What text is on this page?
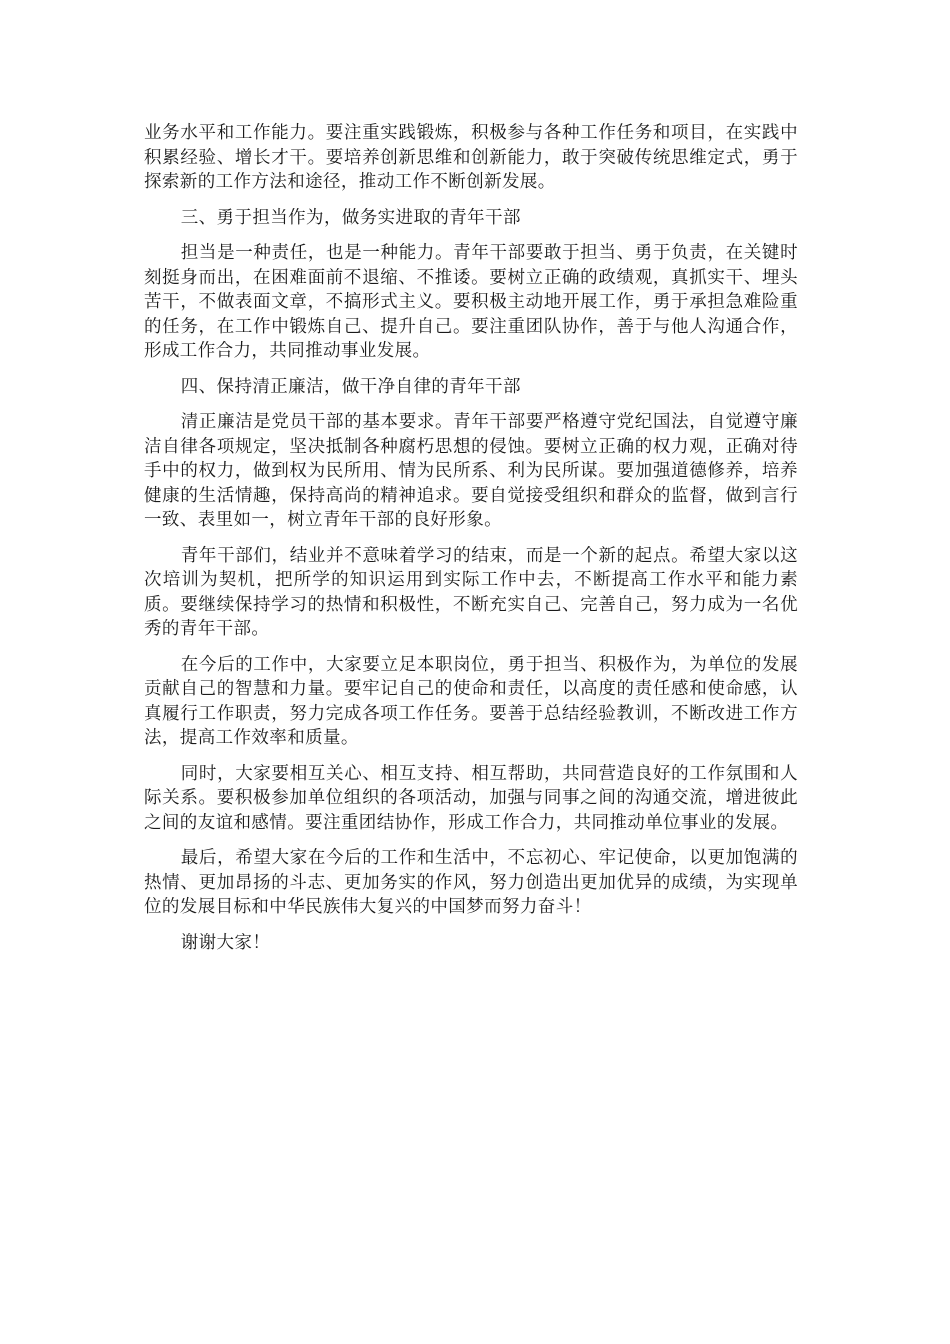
业务水平和工作能力。要注重实践锻炼，积极参与各种工作任务和项目，在实践中积累经验、增长才干。要培养创新思维和创新能力，敢于突破传统思维定式，勇于探索新的工作方法和途径，推动工作不断创新发展。

三、勇于担当作为，做务实进取的青年干部

担当是一种责任，也是一种能力。青年干部要敢于担当、勇于负责，在关键时刻挺身而出，在困难面前不退缩、不推诿。要树立正确的政绩观，真抓实干、埋头苦干，不做表面文章，不搞形式主义。要积极主动地开展工作，勇于承担急难险重的任务，在工作中锻炼自己、提升自己。要注重团队协作，善于与他人沟通合作，形成工作合力，共同推动事业发展。

四、保持清正廉洁，做干净自律的青年干部

清正廉洁是党员干部的基本要求。青年干部要严格遵守党纪国法，自觉遵守廉洁自律各项规定，坚决抵制各种腐朽思想的侵蚀。要树立正确的权力观，正确对待手中的权力，做到权为民所用、情为民所系、利为民所谋。要加强道德修养，培养健康的生活情趣，保持高尚的精神追求。要自觉接受组织和群众的监督，做到言行一致、表里如一，树立青年干部的良好形象。

青年干部们，结业并不意味着学习的结束，而是一个新的起点。希望大家以这次培训为契机，把所学的知识运用到实际工作中去，不断提高工作水平和能力素质。要继续保持学习的热情和积极性，不断充实自己、完善自己，努力成为一名优秀的青年干部。

在今后的工作中，大家要立足本职岗位，勇于担当、积极作为，为单位的发展贡献自己的智慧和力量。要牢记自己的使命和责任，以高度的责任感和使命感，认真履行工作职责，努力完成各项工作任务。要善于总结经验教训，不断改进工作方法，提高工作效率和质量。

同时，大家要相互关心、相互支持、相互帮助，共同营造良好的工作氛围和人际关系。要积极参加单位组织的各项活动，加强与同事之间的沟通交流，增进彼此之间的友谊和感情。要注重团结协作，形成工作合力，共同推动单位事业的发展。

最后，希望大家在今后的工作和生活中，不忘初心、牢记使命，以更加饱满的热情、更加昂扬的斗志、更加务实的作风，努力创造出更加优异的成绩，为实现单位的发展目标和中华民族伟大复兴的中国梦而努力奋斗！

谢谢大家！
